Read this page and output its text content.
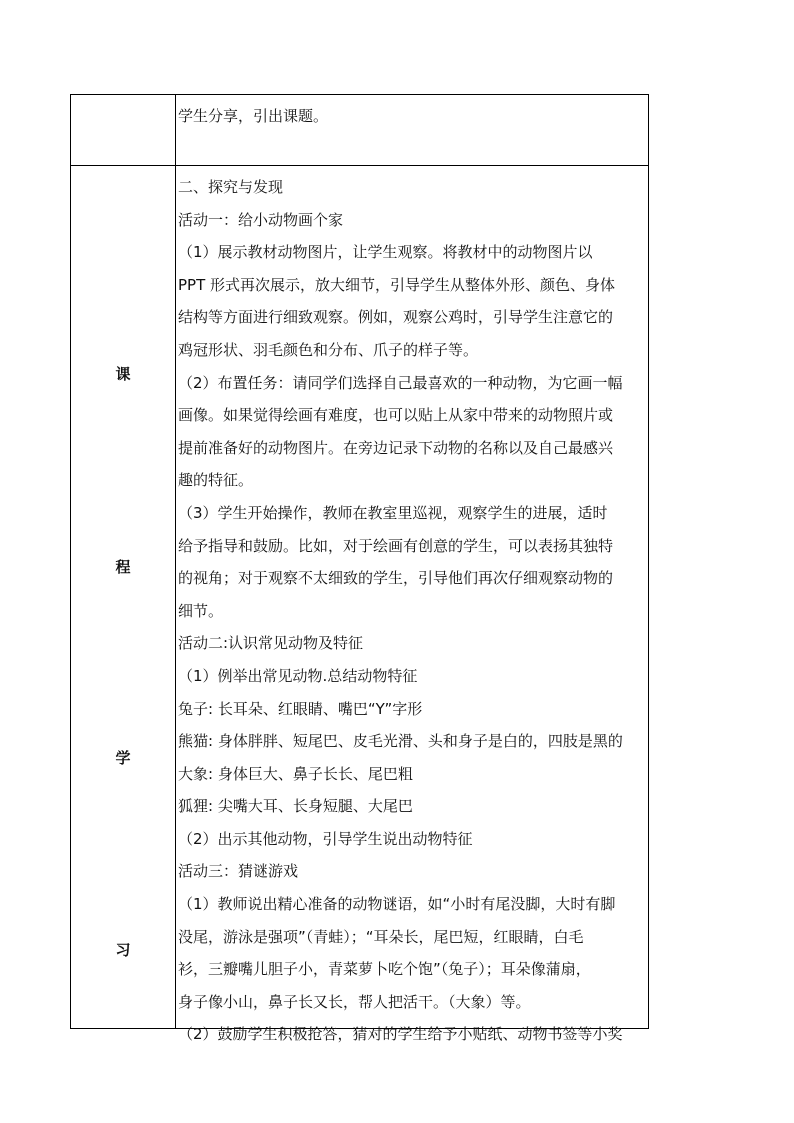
学生分享，引出课题。
课
程
学
习
二、探究与发现
活动一：给小动物画个家
（1）展示教材动物图片，让学生观察。将教材中的动物图片以
PPT 形式再次展示，放大细节，引导学生从整体外形、颜色、身体
结构等方面进行细致观察。例如，观察公鸡时，引导学生注意它的
鸡冠形状、羽毛颜色和分布、爪子的样子等。
（2）布置任务：请同学们选择自己最喜欢的一种动物，为它画一幅
画像。如果觉得绘画有难度，也可以贴上从家中带来的动物照片或
提前准备好的动物图片。在旁边记录下动物的名称以及自己最感兴
趣的特征。
（3）学生开始操作，教师在教室里巡视，观察学生的进展，适时
给予指导和鼓励。比如，对于绘画有创意的学生，可以表扬其独特
的视角；对于观察不太细致的学生，引导他们再次仔细观察动物的
细节。
活动二:认识常见动物及特征
（1）例举出常见动物.总结动物特征
兔子: 长耳朵、红眼睛、嘴巴“Y”字形
熊猫: 身体胖胖、短尾巴、皮毛光滑、头和身子是白的，四肢是黑的
大象: 身体巨大、鼻子长长、尾巴粗
狐狸: 尖嘴大耳、长身短腿、大尾巴
（2）出示其他动物，引导学生说出动物特征
活动三：猜谜游戏
（1）教师说出精心准备的动物谜语，如“小时有尾没脚，大时有脚
没尾，游泳是强项”（青蛙）；“耳朵长，尾巴短，红眼睛，白毛
衫，三瓣嘴儿胆子小，青菜萝卜吃个饱”（兔子）；耳朵像蒲扇，
身子像小山，鼻子长又长，帮人把活干。（大象）等。
（2）鼓励学生积极抢答，猜对的学生给予小贴纸、动物书签等小奖
